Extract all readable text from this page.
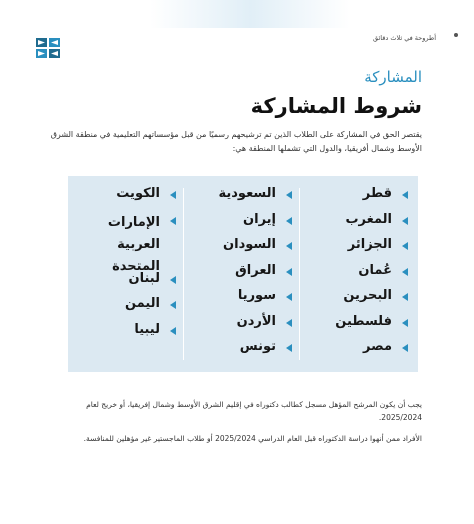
أطروحة في ثلاث دقائق
المشاركة
شروط المشاركة
يقتصر الحق في المشاركة على الطلاب الذين تم ترشيحهم رسميًا من قبل مؤسساتهم التعليمية في منطقة الشرق الأوسط وشمال أفريقيا، والدول التي تشملها المنطقة هي:
قطر
المغرب
الجزائر
عُمان
البحرين
فلسطين
مصر
السعودية
إيران
السودان
العراق
سوريا
الأردن
تونس
الكويت
الإمارات العربية المتحدة
لبنان
اليمن
ليبيا
يجب أن يكون المرشح المؤهل مسجل كطالب دكتوراه في إقليم الشرق الأوسط وشمال إفريقيا، أو خريج لعام 2025/2024.
الأفراد ممن أنهوا دراسة الدكتوراه قبل العام الدراسي 2025/2024 أو طلاب الماجستير غير مؤهلين للمنافسة.
